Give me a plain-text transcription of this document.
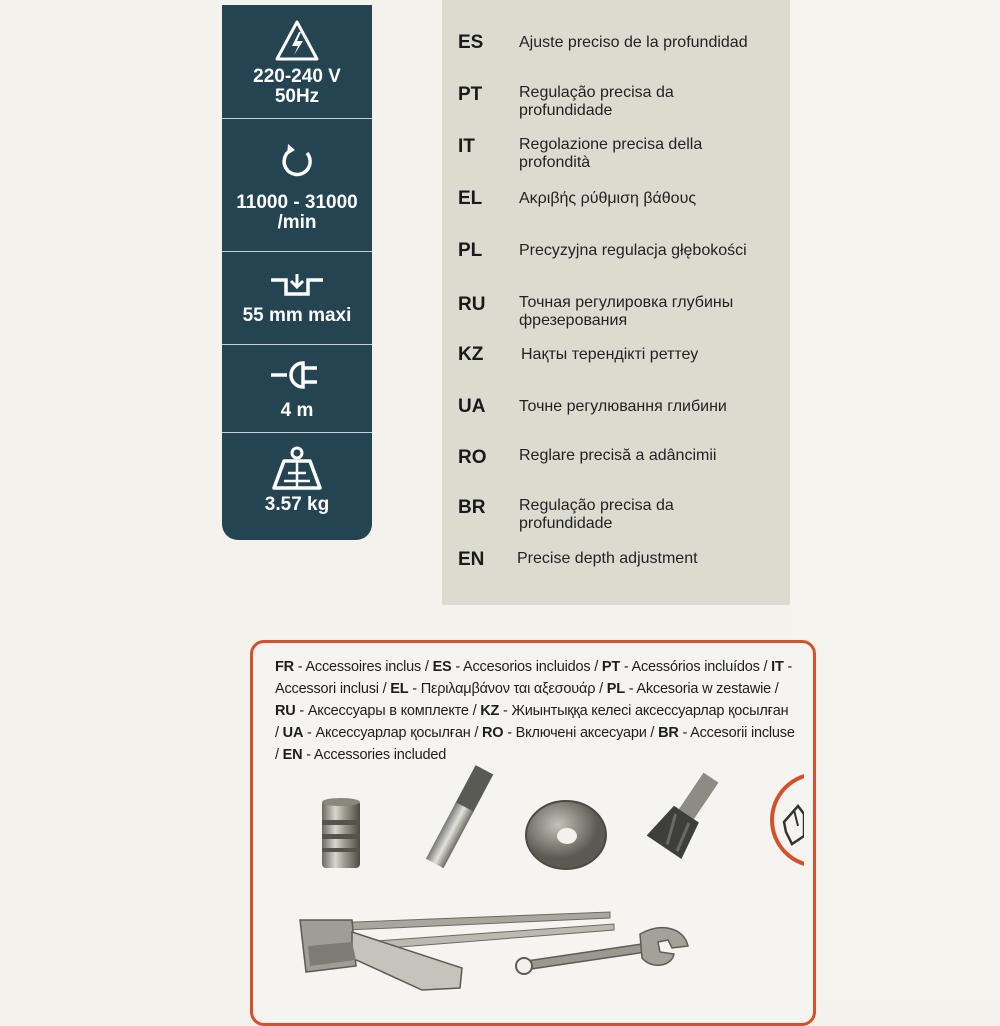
220-240 V
50Hz
11000 - 31000
/min
55 mm maxi
4 m
3.57 kg
ES Ajuste preciso de la profundidad
PT Regulação precisa da profundidade
IT	Regolazione precisa della profondità
EL Ακριβής ρύθμιση βάθους
PL Precyzyjna regulacja głębokości
RU Точная регулировка глубины фрезерования
KZ Нақты терендікті реттеу
UA Точне регулювання глибини
RO Reglare precisă a adâncimii
BR Regulação precisa da profundidade
EN Precise depth adjustment
FR - Accessoires inclus / ES - Accesorios incluidos / PT - Acessórios incluídos / IT - Accessori inclusi / EL - Περιλαμβάνον ται αξεσουάρ / PL - Akcesoria w zestawie / RU - Аксессуары в комплекте / KZ - Жиынтыққа келесі аксессуарлар қосылған / UA - Аксессуарлар қосылған / RO - Включені аксесуари / BR - Accesorii incluse / EN - Accessories included
